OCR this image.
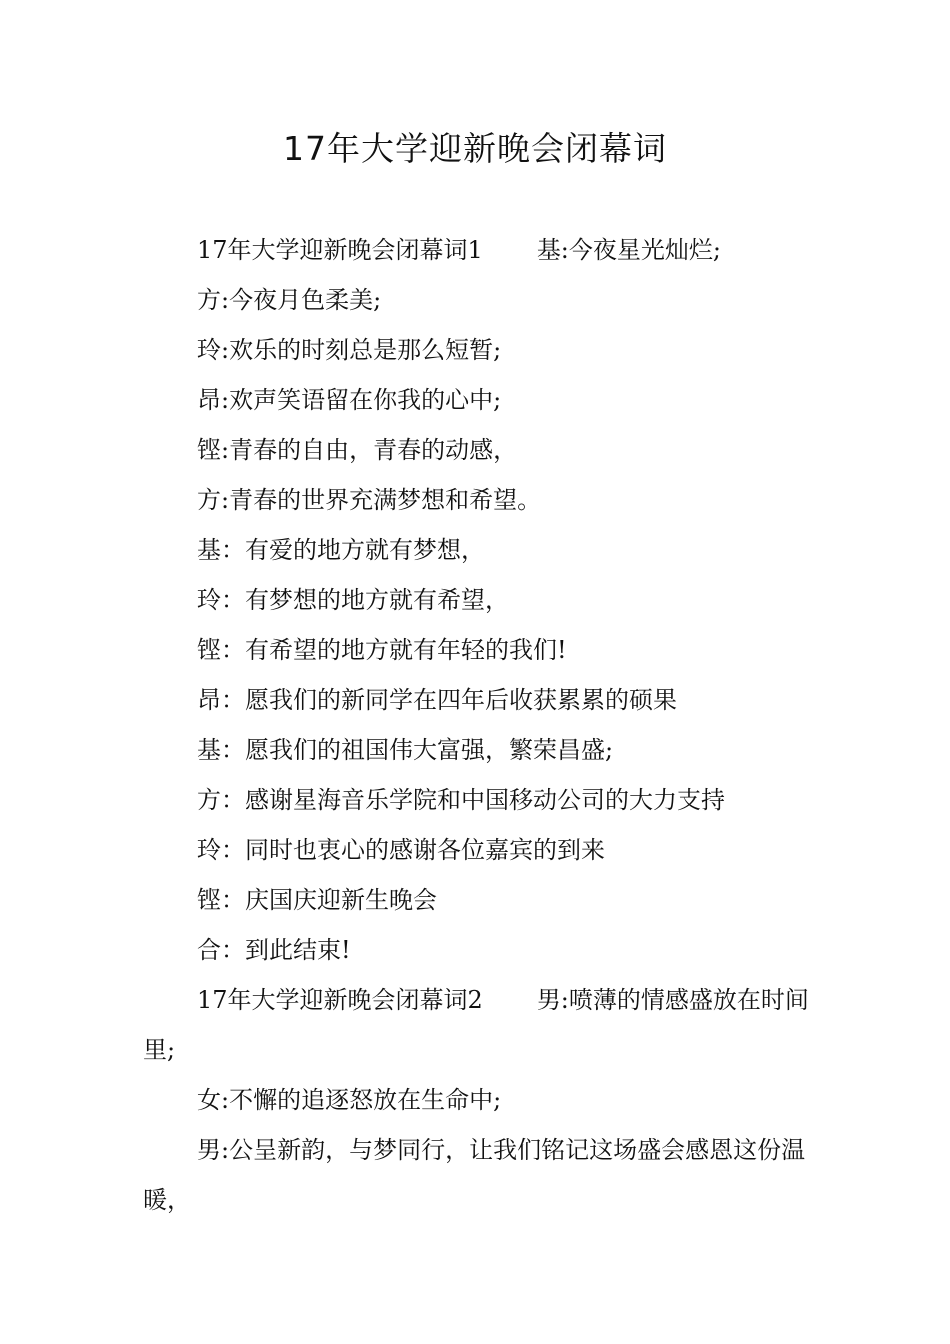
17年大学迎新晚会闭幕词

17年大学迎新晚会闭幕词1 基:今夜星光灿烂;

方:今夜月色柔美;

玲:欢乐的时刻总是那么短暂;

昂:欢声笑语留在你我的心中;

铿:青春的自由，青春的动感，

方:青春的世界充满梦想和希望。

基：有爱的地方就有梦想，

玲：有梦想的地方就有希望，

铿：有希望的地方就有年轻的我们!

昂：愿我们的新同学在四年后收获累累的硕果

基：愿我们的祖国伟大富强，繁荣昌盛;

方：感谢星海音乐学院和中国移动公司的大力支持

玲：同时也衷心的感谢各位嘉宾的到来

铿：庆国庆迎新生晚会

合：到此结束!

17年大学迎新晚会闭幕词2 男:喷薄的情感盛放在时间里;

女:不懈的追逐怒放在生命中;

男:公呈新韵，与梦同行，让我们铭记这场盛会感恩这份温暖，
